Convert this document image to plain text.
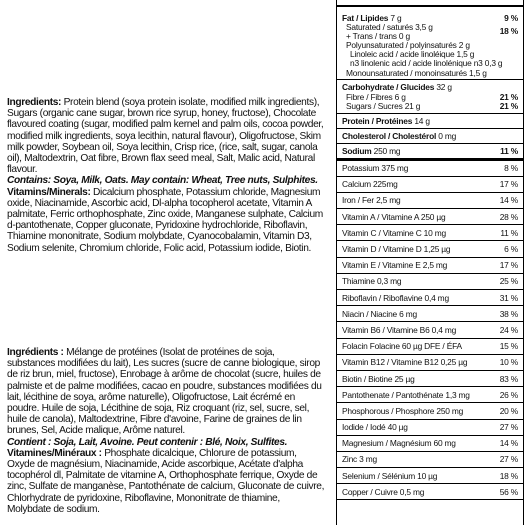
Ingredients: Protein blend (soya protein isolate, modified milk ingredients), Sugars (organic cane sugar, brown rice syrup, honey, fructose), Chocolate flavoured coating (sugar, modified palm kernel and palm oils, cocoa powder, modified milk ingredients, soya lecithin, natural flavour), Oligofructose, Skim milk powder, Soybean oil, Soya lecithin, Crisp rice, (rice, salt, sugar, canola oil), Maltodextrin, Oat fibre, Brown flax seed meal, Salt, Malic acid, Natural flavour.

Contains: Soya, Milk, Oats. May contain: Wheat, Tree nuts, Sulphites.

Vitamins/Minerals: Dicalcium phosphate, Potassium chloride, Magnesium oxide, Niacinamide, Ascorbic acid, Dl-alpha tocopherol acetate, Vitamin A palmitate, Ferric orthophosphate, Zinc oxide, Manganese sulphate, Calcium d-pantothenate, Copper gluconate, Pyridoxine hydrochloride, Riboflavin, Thiamine mononitrate, Sodium molybdate, Cyanocobalamin, Vitamin D3, Sodium selenite, Chromium chloride, Folic acid, Potassium iodide, Biotin.

Ingrédients : Mélange de protéines (Isolat de protéines de soja, substances modifiées du lait), Les sucres (sucre de canne biologique, sirop de riz brun, miel, fructose), Enrobage à arôme de chocolat (sucre, huiles de palmiste et de palme modifiées, cacao en poudre, substances modifiées du lait, lécithine de soya, arôme naturelle), Oligofructose, Lait écrémé en poudre. Huile de soja, Lécithine de soja, Riz croquant (riz, sel, sucre, sel, huile de canola), Maltodextrine, Fibre d'avoine, Farine de graines de lin brunes, Sel, Acide malique, Arôme naturel.

Contient : Soja, Lait, Avoine. Peut contenir : Blé, Noix, Sulfites.

Vitamines/Minéraux : Phosphate dicalcique, Chlorure de potassium, Oxyde de magnésium, Niacinamide, Acide ascorbique, Acétate d'alpha tocophérol dl, Palmitate de vitamine A, Orthophosphate ferrique, Oxyde de zinc, Sulfate de manganèse, Pantothénate de calcium, Gluconate de cuivre, Chlorhydrate de pyridoxine, Riboflavine, Mononitrate de thiamine, Molybdate de sodium.

Fat / Lipides 7 g	9 %
Saturated / saturés 3,5 g
+ Trans / trans 0 g	18 %
Polyunsaturated / polyinsaturés 2 g
Linoleic acid / acide linoléique 1,5 g
n3 linolenic acid / acide linolénique n3 0,3 g
Monounsaturated / monoinsaturés 1,5 g
Carbohydrate / Glucides 32 g
Fibre / Fibres 6 g	21 %
Sugars / Sucres 21 g	21 %
Protein / Protéines 14 g
Cholesterol / Cholestérol 0 mg
Sodium 250 mg	11 %
Potassium 375 mg	8 %
Calcium 225mg	17 %
Iron / Fer 2,5 mg	14 %
Vitamin A / Vitamine A 250 µg	28 %
Vitamin C / Vitamine C 10 mg	11 %
Vitamin D / Vitamine D 1,25 µg	6 %
Vitamin E / Vitamine E 2,5 mg	17 %
Thiamine 0,3 mg	25 %
Riboflavin / Riboflavine 0,4 mg	31 %
Niacin / Niacine 6 mg	38 %
Vitamin B6 / Vitamine B6 0,4 mg	24 %
Folacin Folacine 60 µg DFE / ÉFA	15 %
Vitamin B12 / Vitamine B12 0,25 µg	10 %
Biotin / Biotine 25 µg	83 %
Pantothenate / Pantothénate 1,3 mg	26 %
Phosphorous / Phosphore 250 mg	20 %
Iodide / Iodé 40 µg	27 %
Magnesium / Magnésium 60 mg	14 %
Zinc 3 mg	27 %
Selenium / Sélénium 10 µg	18 %
Copper / Cuivre 0,5 mg	56 %
